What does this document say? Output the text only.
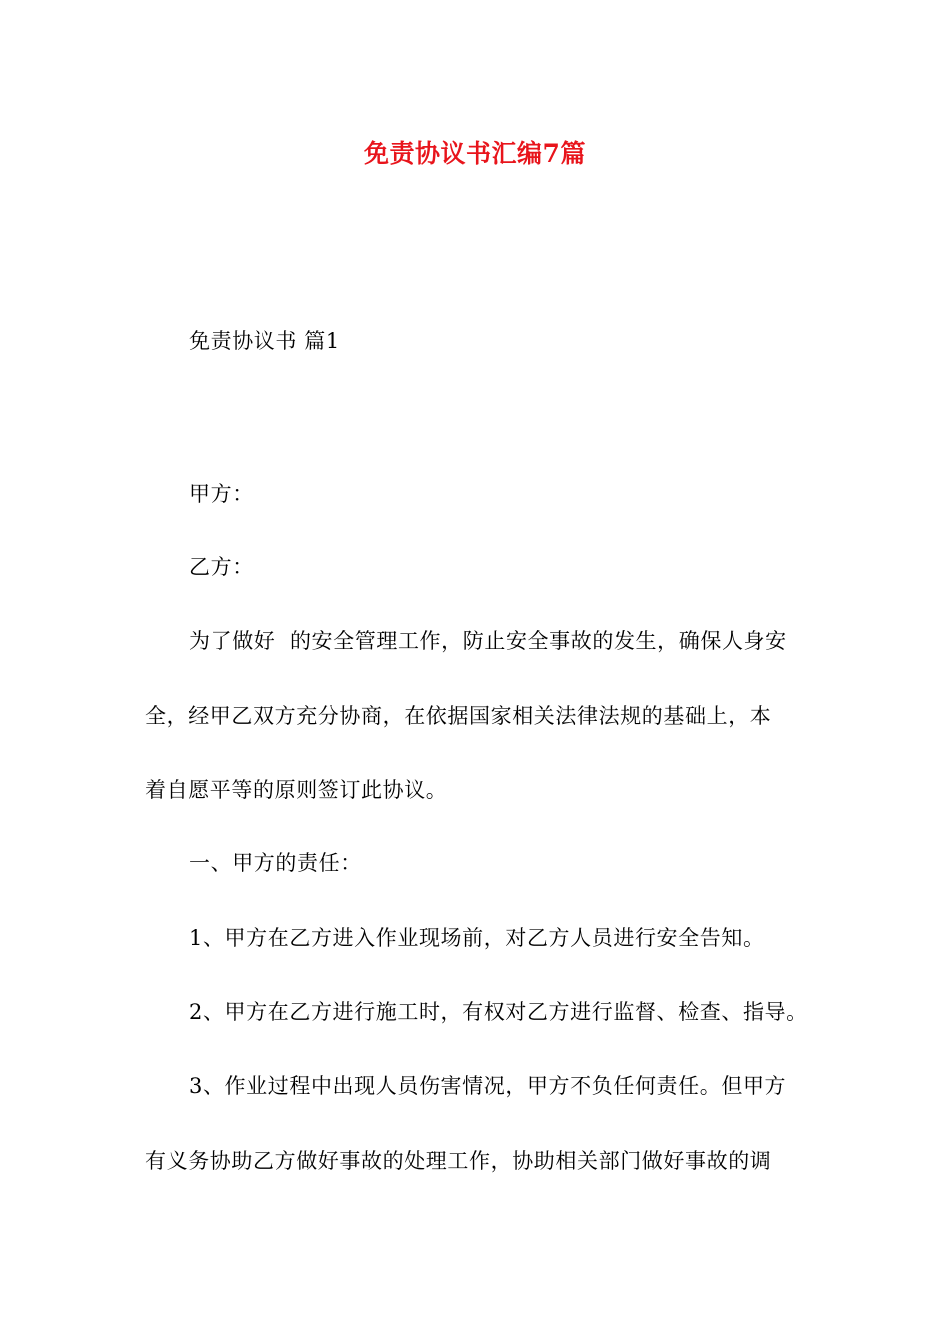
免责协议书汇编7篇
免责协议书 篇1
甲方：
乙方：
为了做好  的安全管理工作，防止安全事故的发生，确保人身安
全，经甲乙双方充分协商，在依据国家相关法律法规的基础上，本
着自愿平等的原则签订此协议。
一、甲方的责任：
1、甲方在乙方进入作业现场前，对乙方人员进行安全告知。
2、甲方在乙方进行施工时，有权对乙方进行监督、检查、指导。
3、作业过程中出现人员伤害情况，甲方不负任何责任。但甲方
有义务协助乙方做好事故的处理工作，协助相关部门做好事故的调
